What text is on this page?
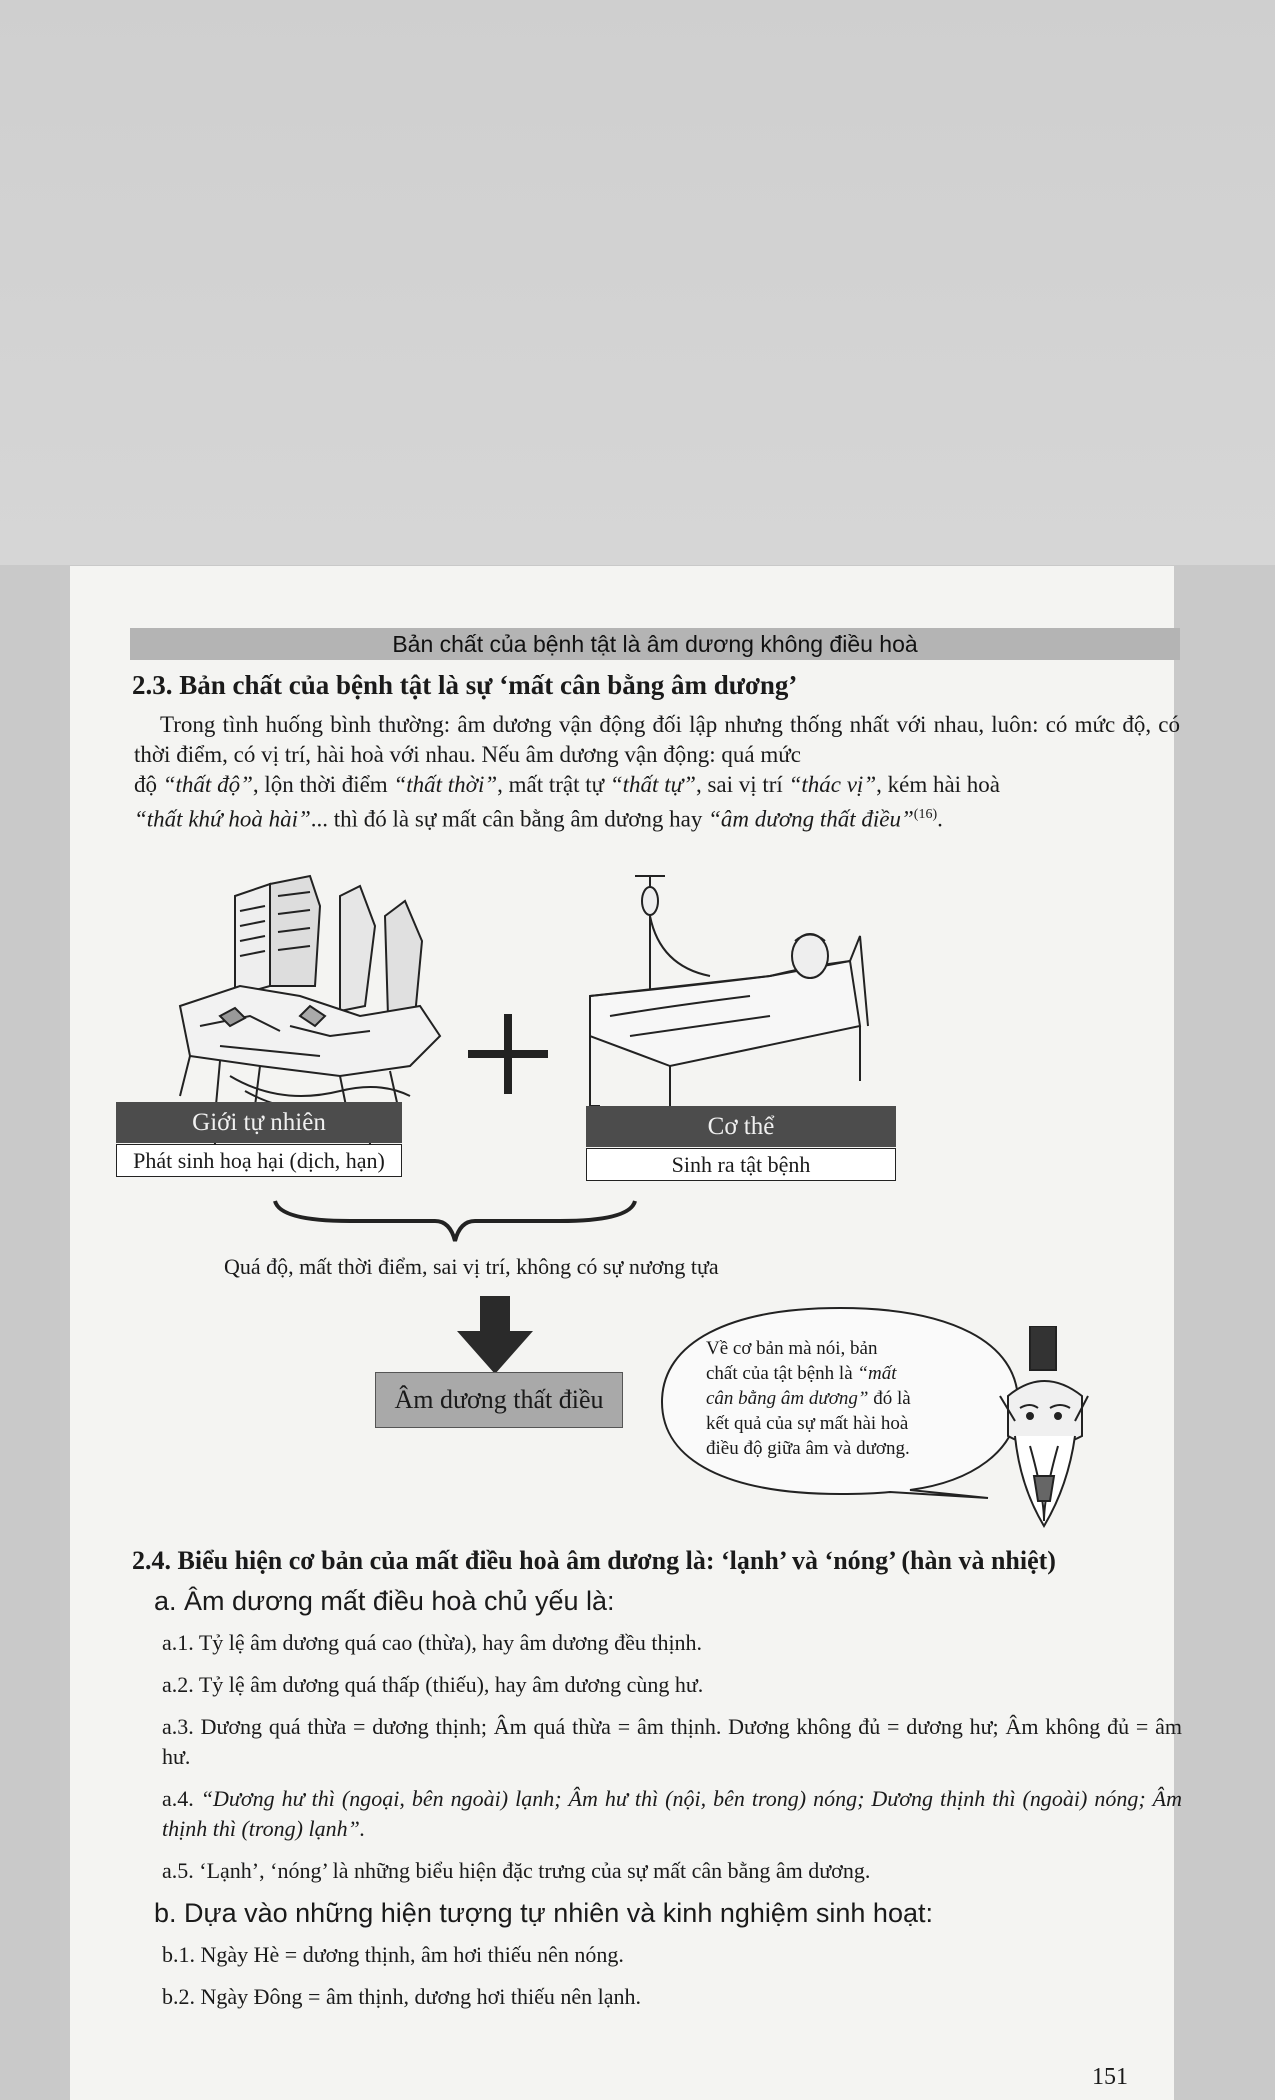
Bản chất của bệnh tật là âm dương không điều hoà
2.3. Bản chất của bệnh tật là sự ‘mất cân bằng âm dương’
Trong tình huống bình thường: âm dương vận động đối lập nhưng thống nhất với nhau, luôn: có mức độ, có thời điểm, có vị trí, hài hoà với nhau. Nếu âm dương vận động: quá mức
độ “thất độ”, lộn thời điểm “thất thời”, mất trật tự “thất tự”, sai vị trí “thác vị”, kém hài hoà
“thất khứ hoà hài”... thì đó là sự mất cân bằng âm dương hay “âm dương thất điều”$^{(16)}$.
Giới tự nhiên
Phát sinh hoạ hại (dịch, hạn)
Cơ thể
Sinh ra tật bệnh
Quá độ, mất thời điểm, sai vị trí, không có sự nương tựa
Âm dương thất điều
Về cơ bản mà nói, bản
chất của tật bệnh là “mất
cân bằng âm dương” đó là
kết quả của sự mất hài hoà
điều độ giữa âm và dương.
2.4. Biểu hiện cơ bản của mất điều hoà âm dương là: ‘lạnh’ và ‘nóng’ (hàn và nhiệt)
a. Âm dương mất điều hoà chủ yếu là:
a.1. Tỷ lệ âm dương quá cao (thừa), hay âm dương đều thịnh.
a.2. Tỷ lệ âm dương quá thấp (thiếu), hay âm dương cùng hư.
a.3. Dương quá thừa = dương thịnh; Âm quá thừa = âm thịnh. Dương không đủ = dương hư; Âm không đủ = âm hư.
a.4. “Dương hư thì (ngoại, bên ngoài) lạnh; Âm hư thì (nội, bên trong) nóng; Dương thịnh thì (ngoài) nóng; Âm thịnh thì (trong) lạnh”.
a.5. ‘Lạnh’, ‘nóng’ là những biểu hiện đặc trưng của sự mất cân bằng âm dương.
b. Dựa vào những hiện tượng tự nhiên và kinh nghiệm sinh hoạt:
b.1. Ngày Hè = dương thịnh, âm hơi thiếu nên nóng.
b.2. Ngày Đông = âm thịnh, dương hơi thiếu nên lạnh.
151
